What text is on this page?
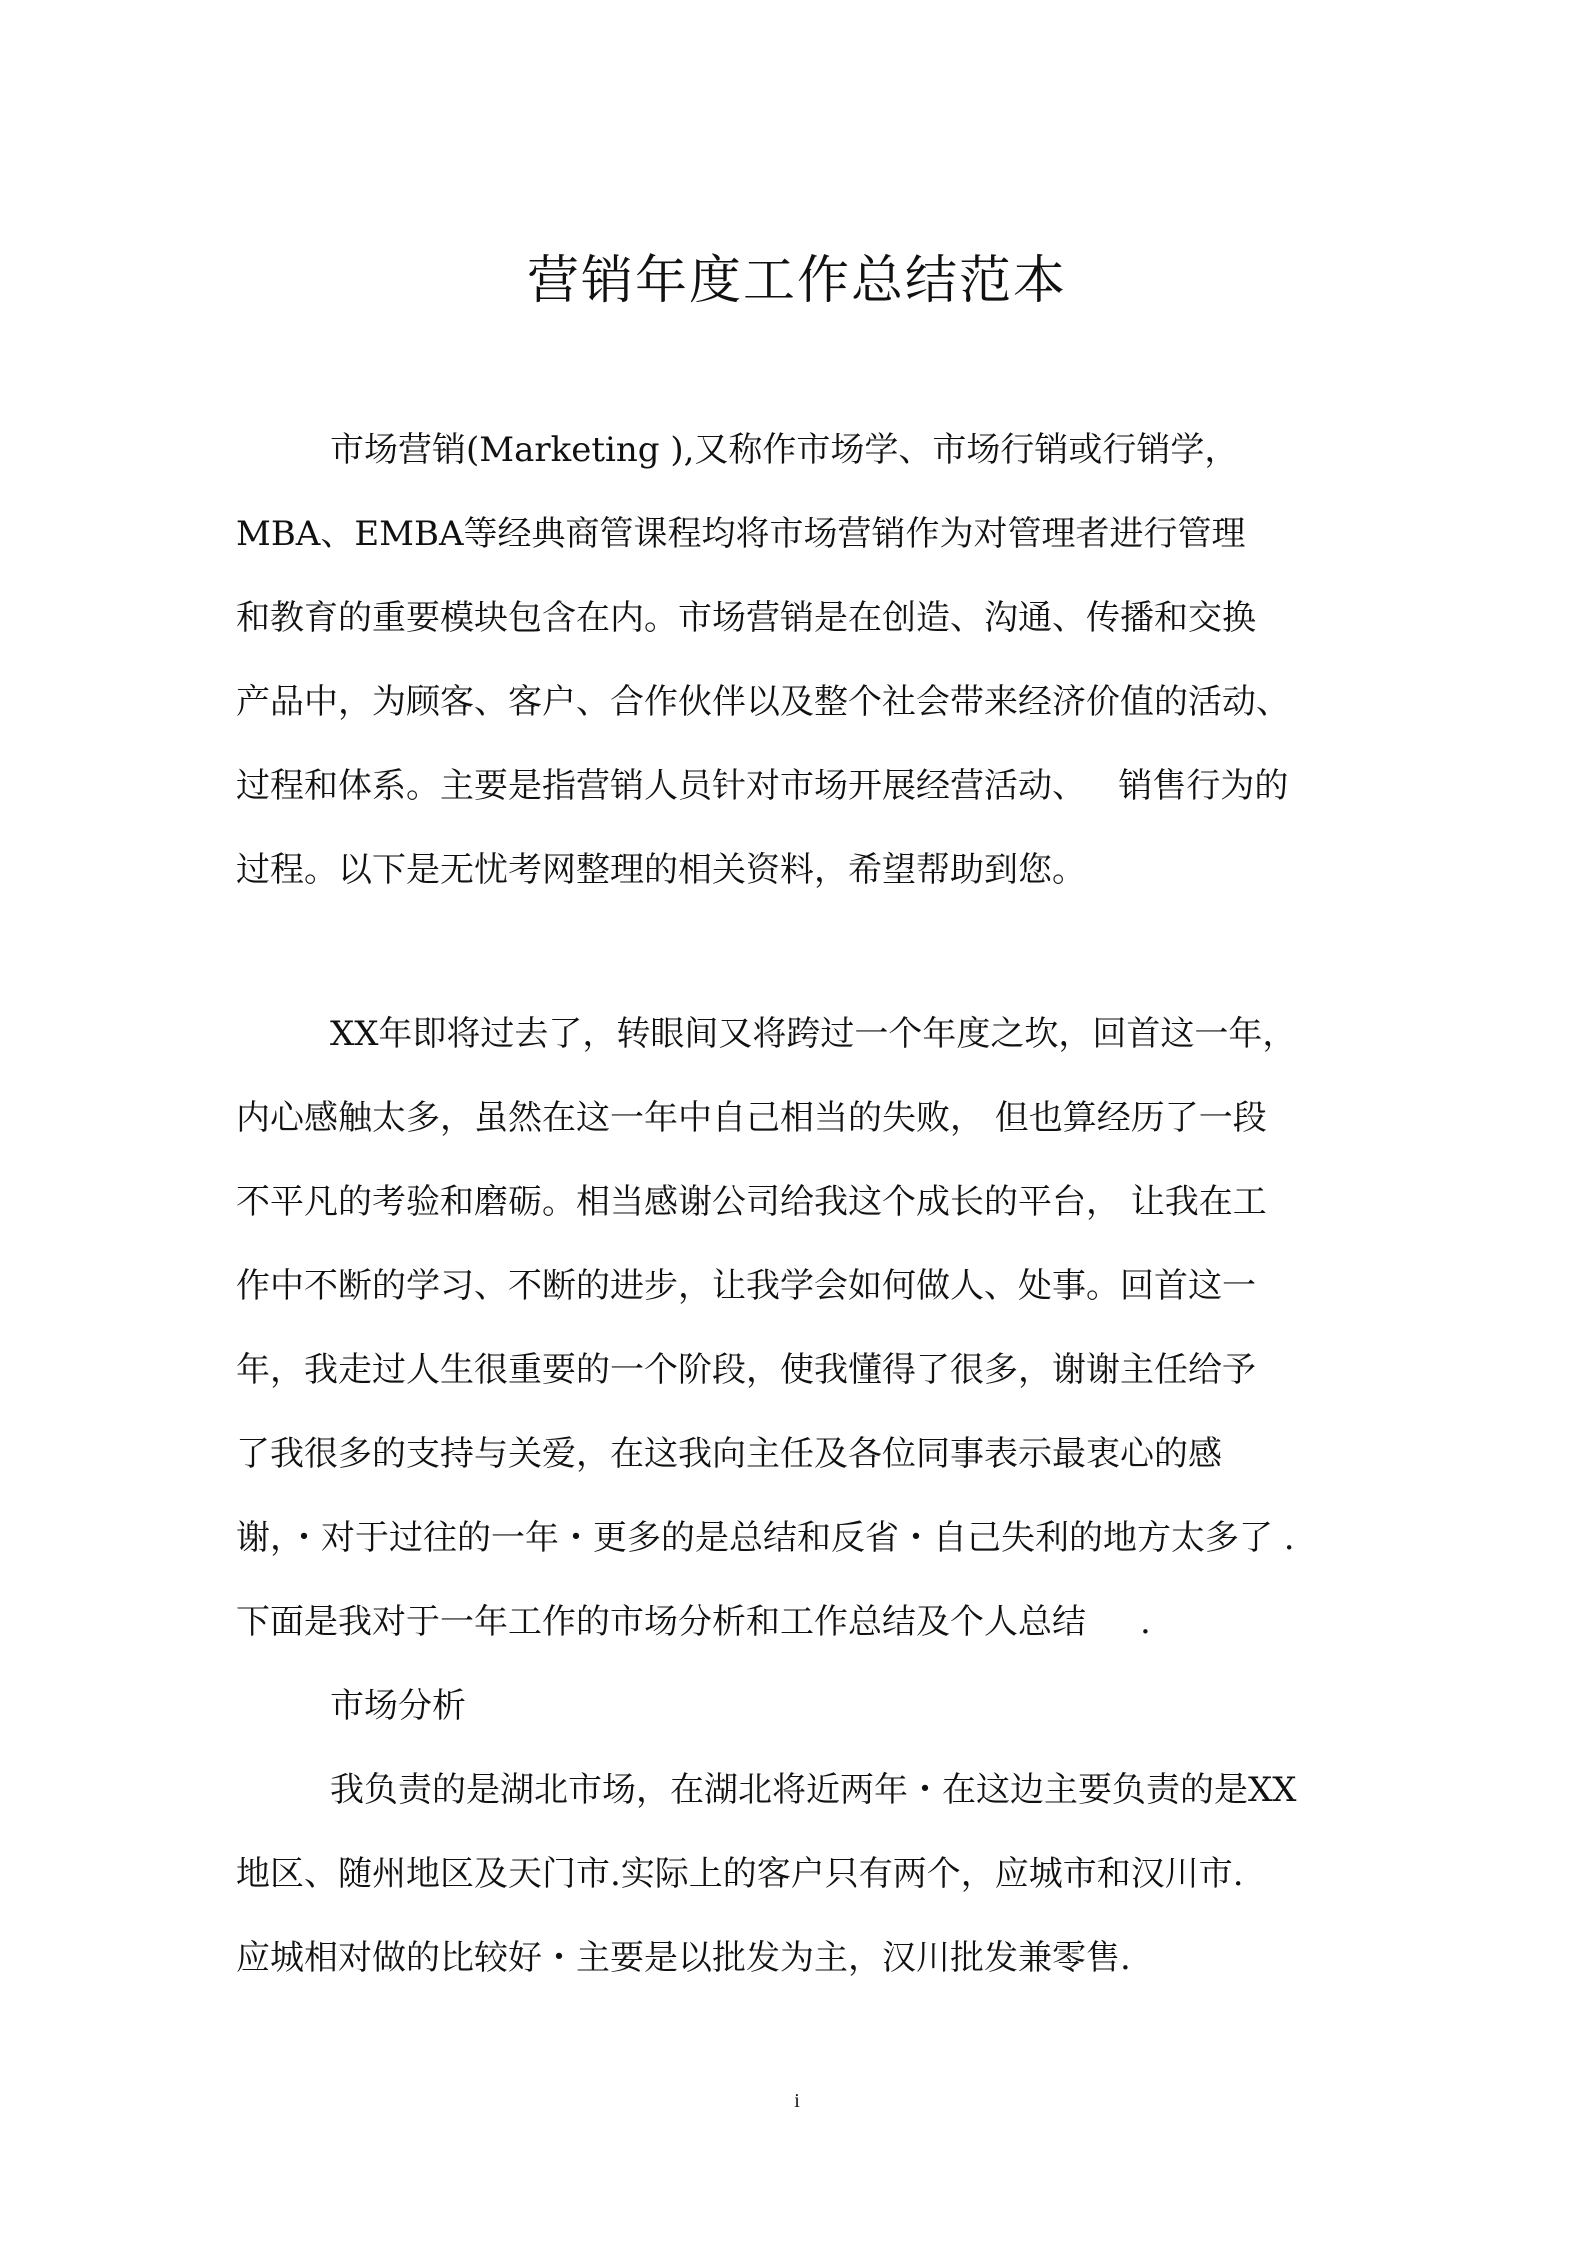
营销年度工作总结范本
市场营销(Marketing ),又称作市场学、市场行销或行销学，
MBA、EMBA等经典商管课程均将市场营销作为对管理者进行管理
和教育的重要模块包含在内。市场营销是在创造、沟通、传播和交换
产品中，为顾客、客户、合作伙伴以及整个社会带来经济价值的活动、
过程和体系。主要是指营销人员针对市场开展经营活动、   销售行为的
过程。以下是无忧考网整理的相关资料，希望帮助到您。
XX年即将过去了，转眼间又将跨过一个年度之坎，回首这一年，
内心感触太多，虽然在这一年中自己相当的失败， 但也算经历了一段
不平凡的考验和磨砺。相当感谢公司给我这个成长的平台， 让我在工
作中不断的学习、不断的进步，让我学会如何做人、处事。回首这一
年，我走过人生很重要的一个阶段，使我懂得了很多，谢谢主任给予
了我很多的支持与关爱，在这我向主任及各位同事表示最衷心的感
谢，・对于过往的一年・更多的是总结和反省・自己失利的地方太多了 .
下面是我对于一年工作的市场分析和工作总结及个人总结     .
市场分析
我负责的是湖北市场，在湖北将近两年・在这边主要负责的是XX
地区、随州地区及天门市.实际上的客户只有两个，应城市和汉川市.
应城相对做的比较好・主要是以批发为主，汉川批发兼零售.
i
